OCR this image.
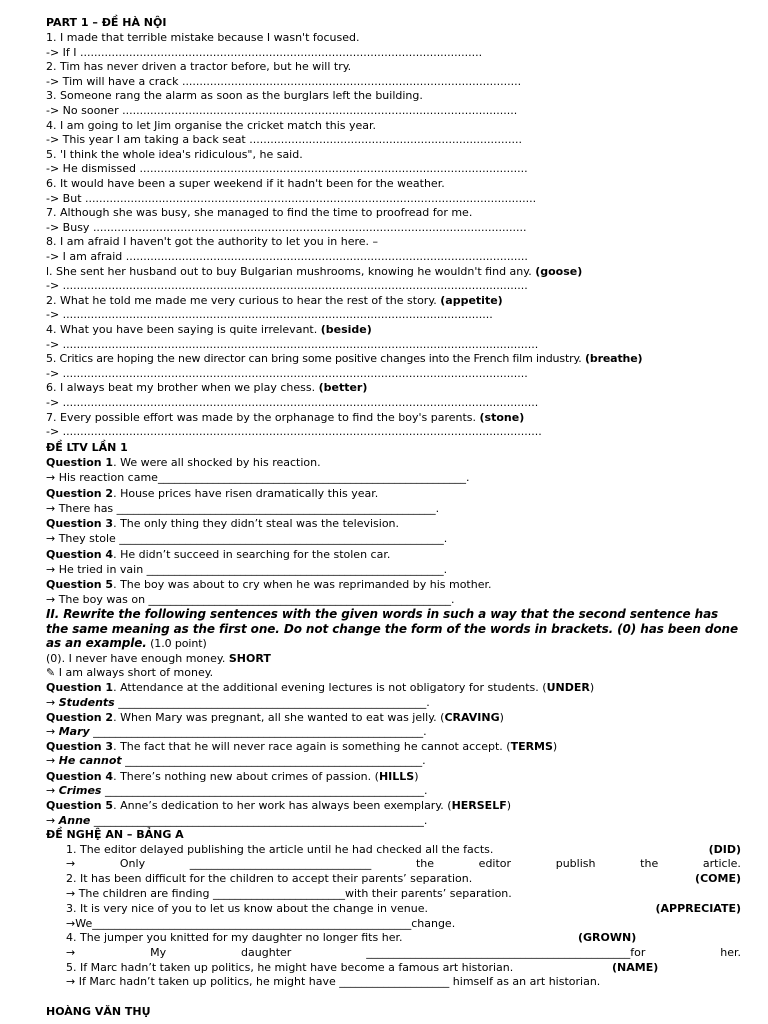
PART 1 – ĐỀ HÀ NỘI
1. I made that terrible mistake because I wasn't focused.
-> If I ...................................................................................................................
2. Tim has never driven a tractor before, but he will try.
-> Tim will have a crack .................................................................................................
3. Someone rang the alarm as soon as the burglars left the building.
-> No sooner .................................................................................................................
4. I am going to let Jim organise the cricket match this year.
-> This year I am taking a back seat ..............................................................................
5. 'I think the whole idea's ridiculous", he said.
-> He dismissed ...............................................................................................................
6. It would have been a super weekend if it hadn't been for the weather.
-> But .................................................................................................................................
7. Although she was busy, she managed to find the time to proofread for me.
-> Busy ............................................................................................................................
8. I am afraid I haven't got the authority to let you in here. –
-> I am afraid ...................................................................................................................
l. She sent her husband out to buy Bulgarian mushrooms, knowing he wouldn't find any. (goose)
-> .....................................................................................................................................
2. What he told me made me very curious to hear the rest of the story. (appetite)
-> ...........................................................................................................................
4. What you have been saying is quite irrelevant. (beside)
-> ........................................................................................................................................
5. Critics are hoping the new director can bring some positive changes into the French film industry. (breathe)
-> .....................................................................................................................................
6. I always beat my brother when we play chess. (better)
-> ........................................................................................................................................
7. Every possible effort was made by the orphanage to find the boy's parents. (stone)
-> .........................................................................................................................................
ĐỀ LTV LẦN 1
Question 1. We were all shocked by his reaction.
→ His reaction came________________________________________________________.
Question 2. House prices have risen dramatically this year.
→ There has __________________________________________________________.
Question 3. The only thing they didn’t steal was the television.
→ They stole ___________________________________________________________.
Question 4. He didn’t succeed in searching for the stolen car.
→ He tried in vain ______________________________________________________.
Question 5. The boy was about to cry when he was reprimanded by his mother.
→ The boy was on _______________________________________________________.
II. Rewrite the following sentences with the given words in such a way that the second sentence has the same meaning as the first one. Do not change the form of the words in brackets. (0) has been done as an example. (1.0 point)
(0). I never have enough money. SHORT
✎ I am always short of money.
Question 1. Attendance at the additional evening lectures is not obligatory for students. (UNDER)
→ Students ________________________________________________________.
Question 2. When Mary was pregnant, all she wanted to eat was jelly. (CRAVING)
→ Mary ____________________________________________________________.
Question 3. The fact that he will never race again is something he cannot accept. (TERMS)
→ He cannot ______________________________________________________.
Question 4. There’s nothing new about crimes of passion. (HILLS)
→ Crimes __________________________________________________________.
Question 5. Anne’s dedication to her work has always been exemplary. (HERSELF)
→ Anne ____________________________________________________________.
ĐỀ NGHỆ AN – BẢNG A
1. The editor delayed publishing the article until he had checked all the facts.	(DID)
→	Only	_________________________________	the	editor	publish	the	article.
2. It has been difficult for the children to accept their parents’ separation.	(COME)
→ The children are finding ________________________with their parents’ separation.
3. It is very nice of you to let us know about the change in venue.	(APPRECIATE)
→We__________________________________________________________change.
4. The jumper you knitted for my daughter no longer fits her.	(GROWN)
→	My	daughter	________________________________________________for	her.
5. If Marc hadn’t taken up politics, he might have become a famous art historian.	(NAME)
→ If Marc hadn’t taken up politics, he might have ____________________ himself as an art historian.
HOÀNG VĂN THỤ
